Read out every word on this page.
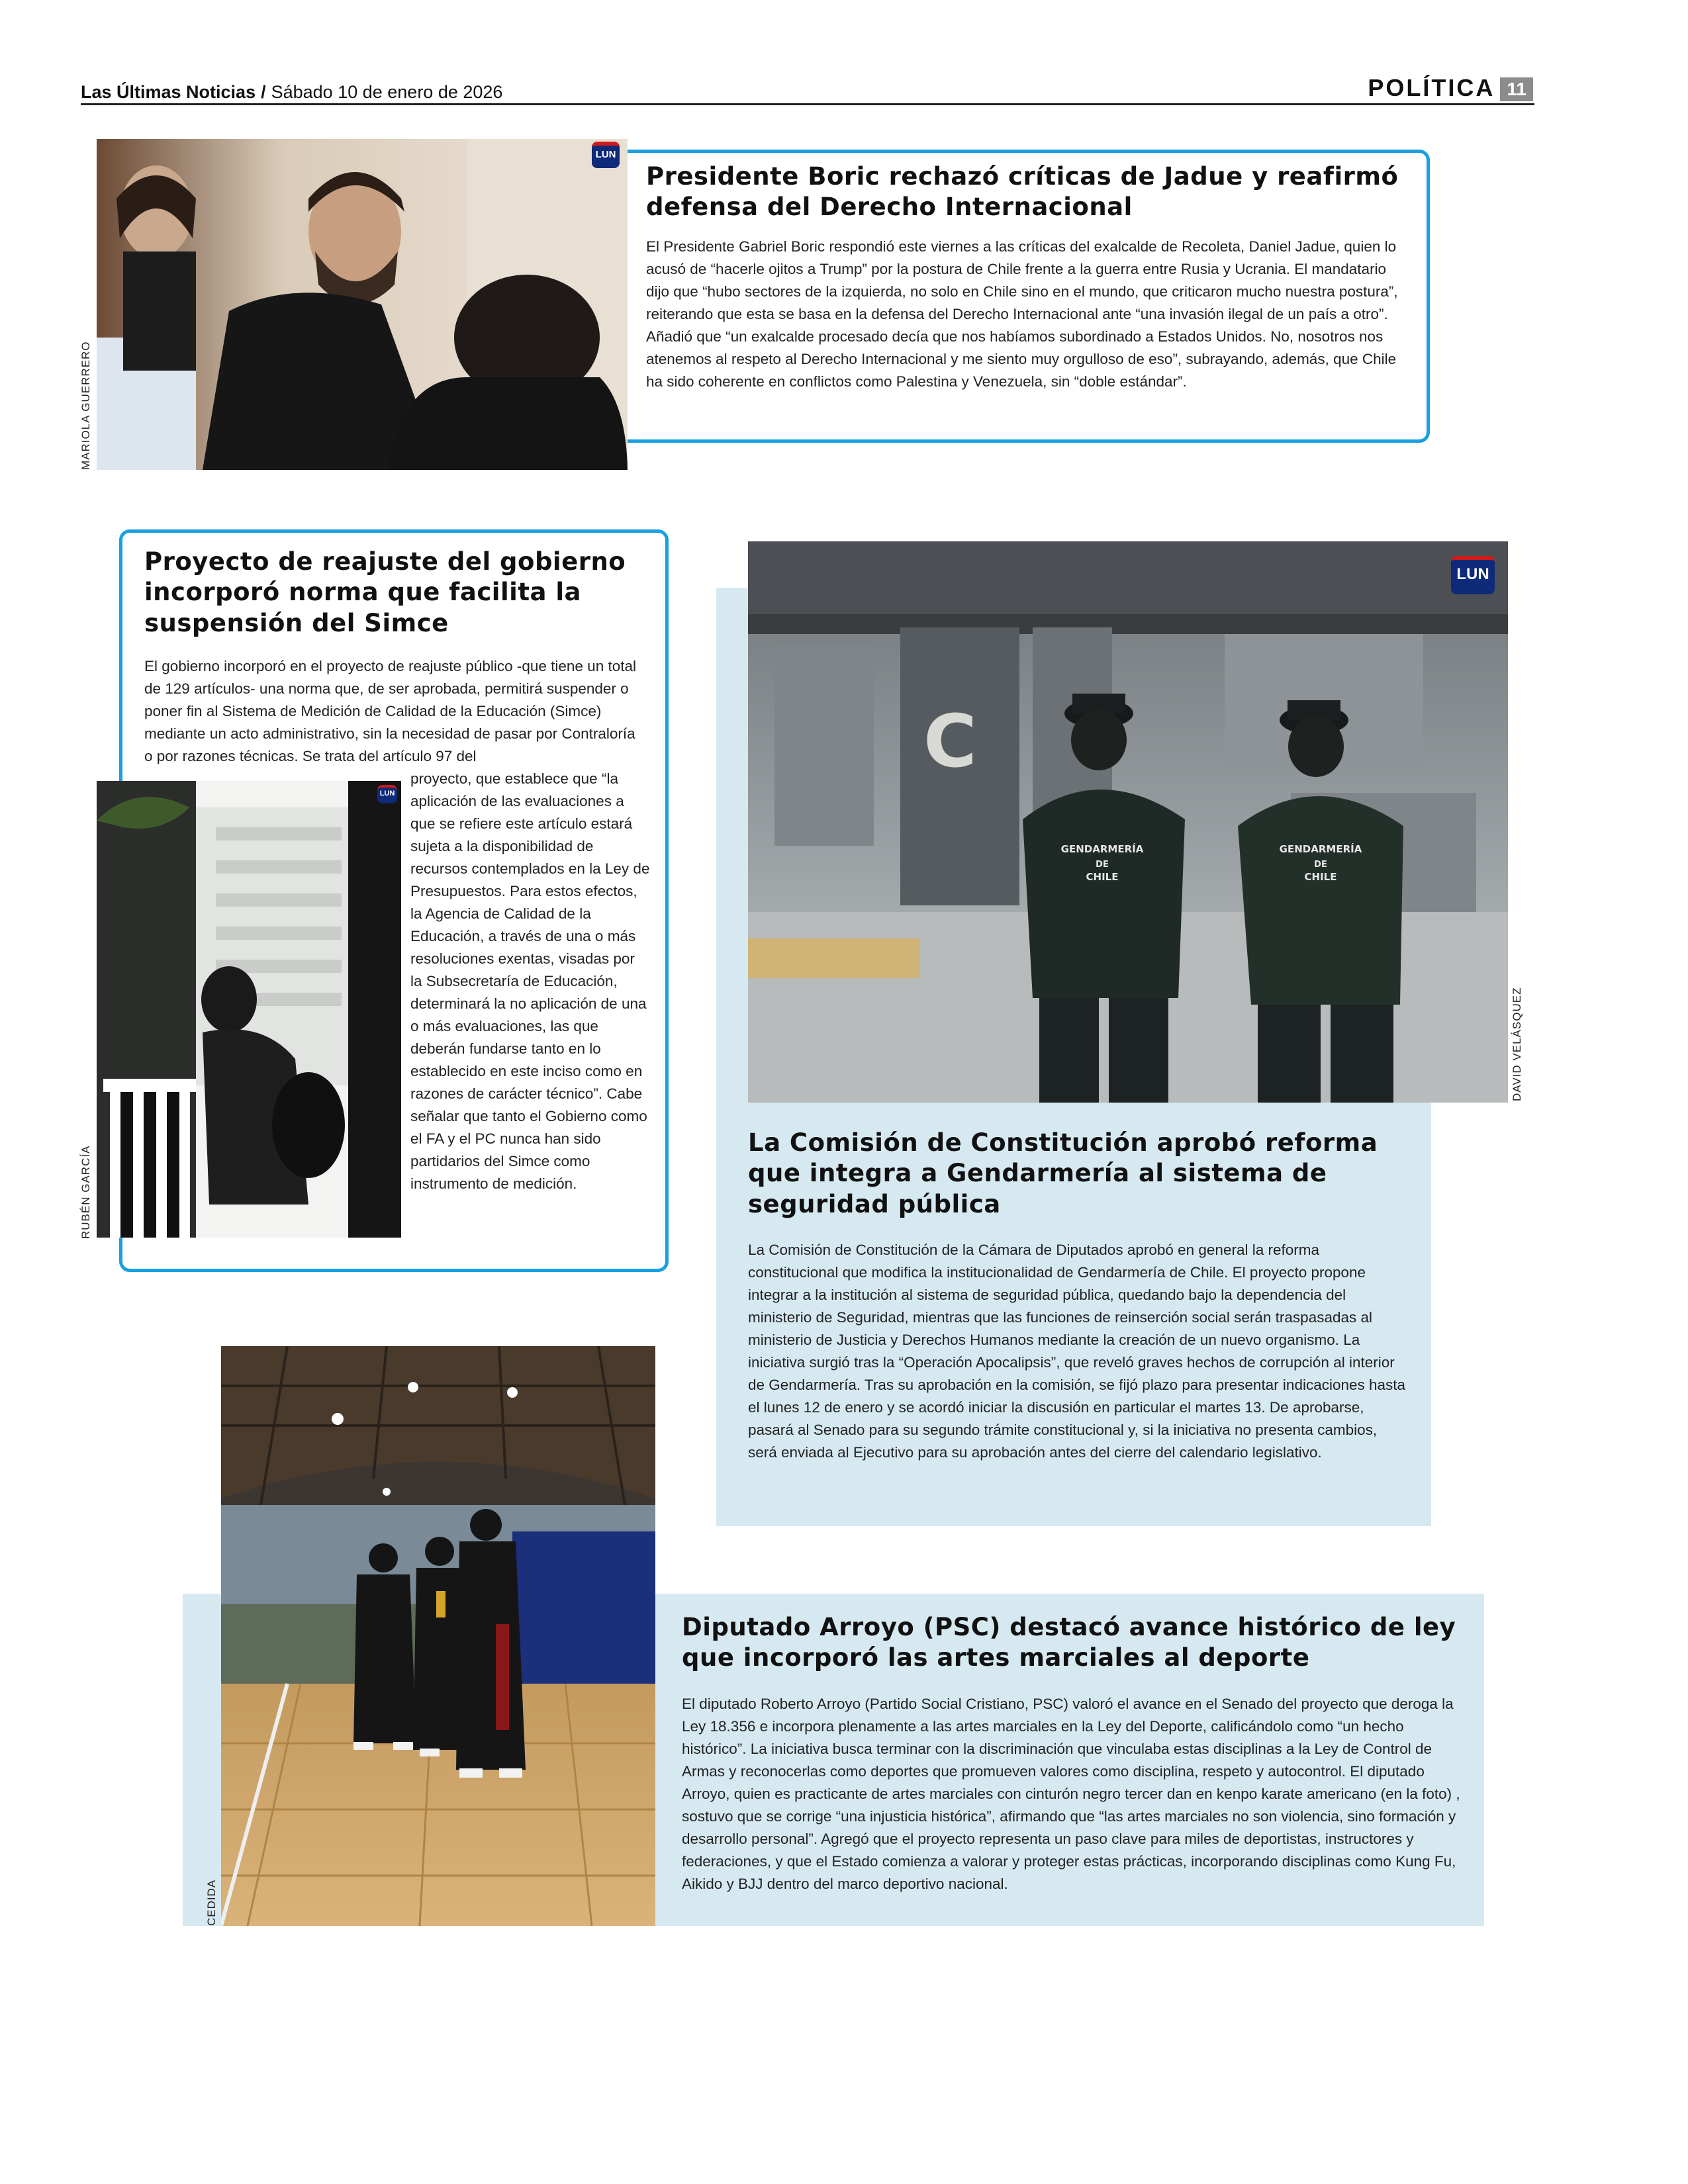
Las Últimas Noticias / Sábado 10 de enero de 2026	POLÍTICA 11
LUN
MARIOLA GUERRERO
Presidente Boric rechazó críticas de Jadue y reafirmó defensa del Derecho Internacional

El Presidente Gabriel Boric respondió este viernes a las críticas del exalcalde de Recoleta, Daniel Jadue, quien lo acusó de “hacerle ojitos a Trump” por la postura de Chile frente a la guerra entre Rusia y Ucrania. El mandatario dijo que “hubo sectores de la izquierda, no solo en Chile sino en el mundo, que criticaron mucho nuestra postura”, reiterando que esta se basa en la defensa del Derecho Internacional ante “una invasión ilegal de un país a otro”. Añadió que “un exalcalde procesado decía que nos habíamos subordinado a Estados Unidos. No, nosotros nos atenemos al respeto al Derecho Internacional y me siento muy orgulloso de eso”, subrayando, además, que Chile ha sido coherente en conflictos como Palestina y Venezuela, sin “doble estándar”.

Proyecto de reajuste del gobierno incorporó norma que facilita la suspensión del Simce

El gobierno incorporó en el proyecto de reajuste público -que tiene un total de 129 artículos- una norma que, de ser aprobada, permitirá suspender o poner fin al Sistema de Medición de Calidad de la Educación (Simce) mediante un acto administrativo, sin la necesidad de pasar por Contraloría o por razones técnicas. Se trata del artículo 97 del

LUN
RUBÉN GARCÍA

proyecto, que establece que “la aplicación de las evaluaciones a que se refiere este artículo estará sujeta a la disponibilidad de recursos contemplados en la Ley de Presupuestos. Para estos efectos, la Agencia de Calidad de la Educación, a través de una o más resoluciones exentas, visadas por la Subsecretaría de Educación, determinará la no aplicación de una o más evaluaciones, las que deberán fundarse tanto en lo establecido en este inciso como en razones de carácter técnico”. Cabe señalar que tanto el Gobierno como el FA y el PC nunca han sido partidarios del Simce como instrumento de medición.

C
GENDARMERÍA
DE
CHILE
GENDARMERÍA
DE
CHILE
LUN
DAVID VELÁSQUEZ
La Comisión de Constitución aprobó reforma que integra a Gendarmería al sistema de seguridad pública

La Comisión de Constitución de la Cámara de Diputados aprobó en general la reforma constitucional que modifica la institucionalidad de Gendarmería de Chile. El proyecto propone integrar a la institución al sistema de seguridad pública, quedando bajo la dependencia del ministerio de Seguridad, mientras que las funciones de reinserción social serán traspasadas al ministerio de Justicia y Derechos Humanos mediante la creación de un nuevo organismo. La iniciativa surgió tras la “Operación Apocalipsis”, que reveló graves hechos de corrupción al interior de Gendarmería. Tras su aprobación en la comisión, se fijó plazo para presentar indicaciones hasta el lunes 12 de enero y se acordó iniciar la discusión en particular el martes 13. De aprobarse, pasará al Senado para su segundo trámite constitucional y, si la iniciativa no presenta cambios, será enviada al Ejecutivo para su aprobación antes del cierre del calendario legislativo.

CEDIDA
Diputado Arroyo (PSC) destacó avance histórico de ley que incorporó las artes marciales al deporte

El diputado Roberto Arroyo (Partido Social Cristiano, PSC) valoró el avance en el Senado del proyecto que deroga la Ley 18.356 e incorpora plenamente a las artes marciales en la Ley del Deporte, calificándolo como “un hecho histórico”. La iniciativa busca terminar con la discriminación que vinculaba estas disciplinas a la Ley de Control de Armas y reconocerlas como deportes que promueven valores como disciplina, respeto y autocontrol. El diputado Arroyo, quien es practicante de artes marciales con cinturón negro tercer dan en kenpo karate americano (en la foto) , sostuvo que se corrige “una injusticia histórica”, afirmando que “las artes marciales no son violencia, sino formación y desarrollo personal”. Agregó que el proyecto representa un paso clave para miles de deportistas, instructores y federaciones, y que el Estado comienza a valorar y proteger estas prácticas, incorporando disciplinas como Kung Fu, Aikido y BJJ dentro del marco deportivo nacional.
